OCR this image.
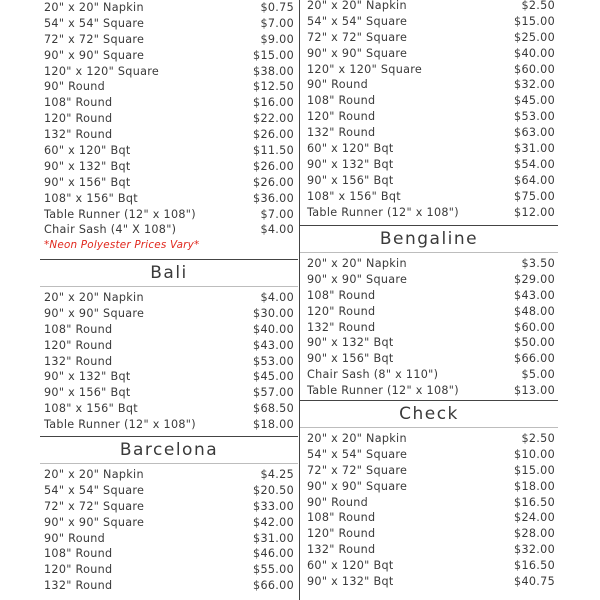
20" x 20" Napkin	$0.75
54" x 54" Square	$7.00
72" x 72" Square	$9.00
90" x 90" Square	$15.00
120" x 120" Square	$38.00
90" Round	$12.50
108" Round	$16.00
120" Round	$22.00
132" Round	$26.00
60" x 120" Bqt	$11.50
90" x 132" Bqt	$26.00
90" x 156" Bqt	$26.00
108" x 156" Bqt	$36.00
Table Runner (12" x 108")	$7.00
Chair Sash (4" X 108")	$4.00
*Neon Polyester Prices Vary*
Bali
20" x 20" Napkin	$4.00
90" x 90" Square	$30.00
108" Round	$40.00
120" Round	$43.00
132" Round	$53.00
90" x 132" Bqt	$45.00
90" x 156" Bqt	$57.00
108" x 156" Bqt	$68.50
Table Runner (12" x 108")	$18.00
Barcelona
20" x 20" Napkin	$4.25
54" x 54" Square	$20.50
72" x 72" Square	$33.00
90" x 90" Square	$42.00
90" Round	$31.00
108" Round	$46.00
120" Round	$55.00
132" Round	$66.00
20" x 20" Napkin	$2.50
54" x 54" Square	$15.00
72" x 72" Square	$25.00
90" x 90" Square	$40.00
120" x 120" Square	$60.00
90" Round	$32.00
108" Round	$45.00
120" Round	$53.00
132" Round	$63.00
60" x 120" Bqt	$31.00
90" x 132" Bqt	$54.00
90" x 156" Bqt	$64.00
108" x 156" Bqt	$75.00
Table Runner (12" x 108")	$12.00
Bengaline
20" x 20" Napkin	$3.50
90" x 90" Square	$29.00
108" Round	$43.00
120" Round	$48.00
132" Round	$60.00
90" x 132" Bqt	$50.00
90" x 156" Bqt	$66.00
Chair Sash (8" x 110")	$5.00
Table Runner (12" x 108")	$13.00
Check
20" x 20" Napkin	$2.50
54" x 54" Square	$10.00
72" x 72" Square	$15.00
90" x 90" Square	$18.00
90" Round	$16.50
108" Round	$24.00
120" Round	$28.00
132" Round	$32.00
60" x 120" Bqt	$16.50
90" x 132" Bqt	$40.75
